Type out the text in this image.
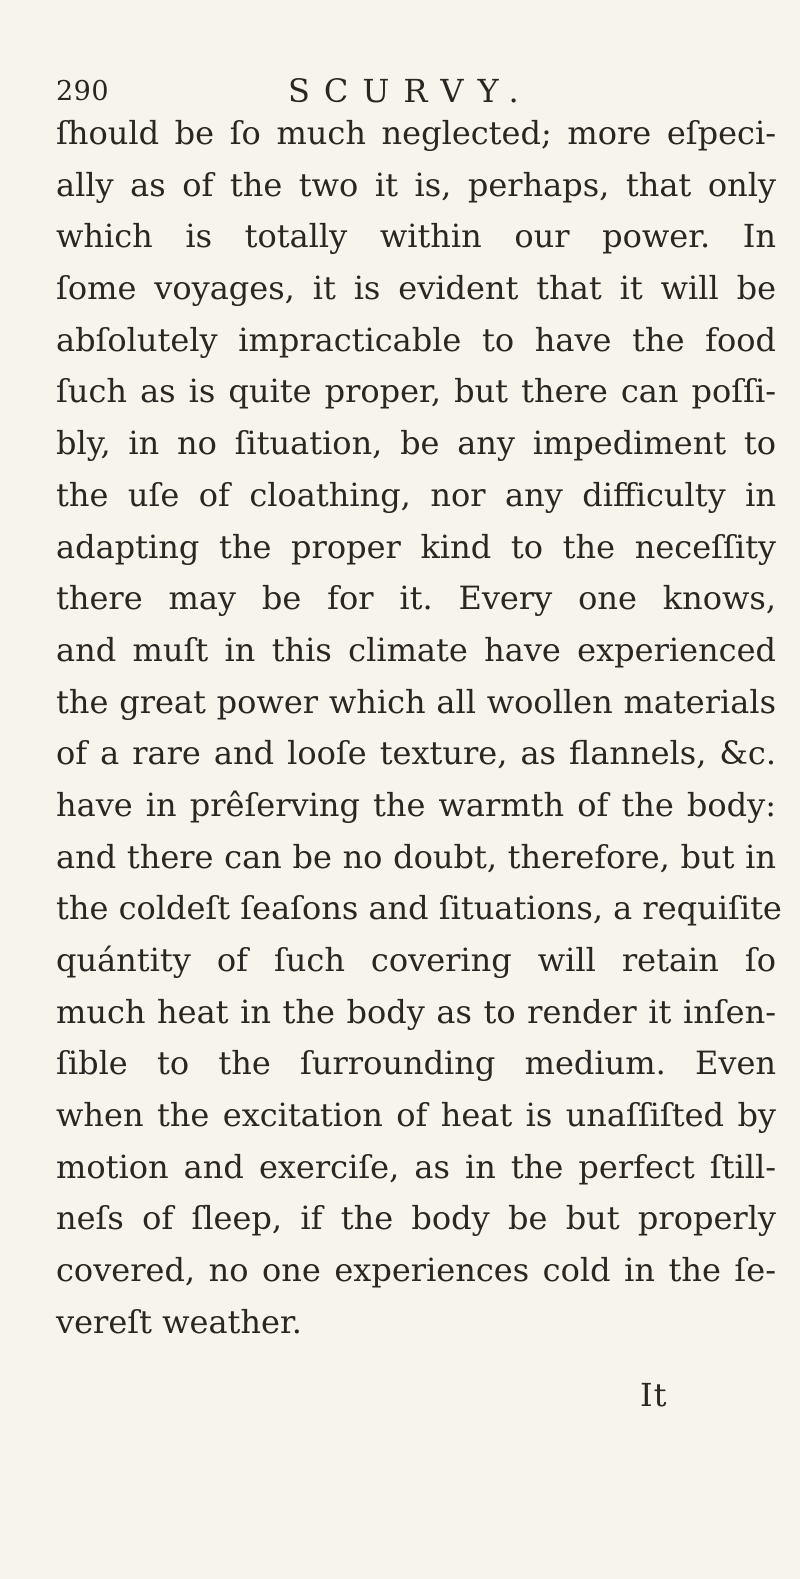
290	SCURVY.
ſhould be ſo much neglected; more eſpeci-
ally as of the two it is, perhaps, that only
which is totally within our power. In
ſome voyages, it is evident that it will be
abſolutely impracticable to have the food
ſuch as is quite proper, but there can poſſi-
bly, in no ſituation, be any impediment to
the uſe of cloathing, nor any difficulty in
adapting the proper kind to the neceſſity
there may be for it. Every one knows,
and muſt in this climate have experienced
the great power which all woollen materials
of a rare and looſe texture, as flannels, &c.
have in prêſerving the warmth of the body:
and there can be no doubt, therefore, but in
the coldeſt ſeaſons and ſituations, a requiſite
quántity of ſuch covering will retain ſo
much heat in the body as to render it inſen-
ſible to the ſurrounding medium. Even
when the excitation of heat is unaſſiſted by
motion and exerciſe, as in the perfect ſtill-
neſs of ſleep, if the body be but properly
covered, no one experiences cold in the ſe-
vereſt weather.
It
